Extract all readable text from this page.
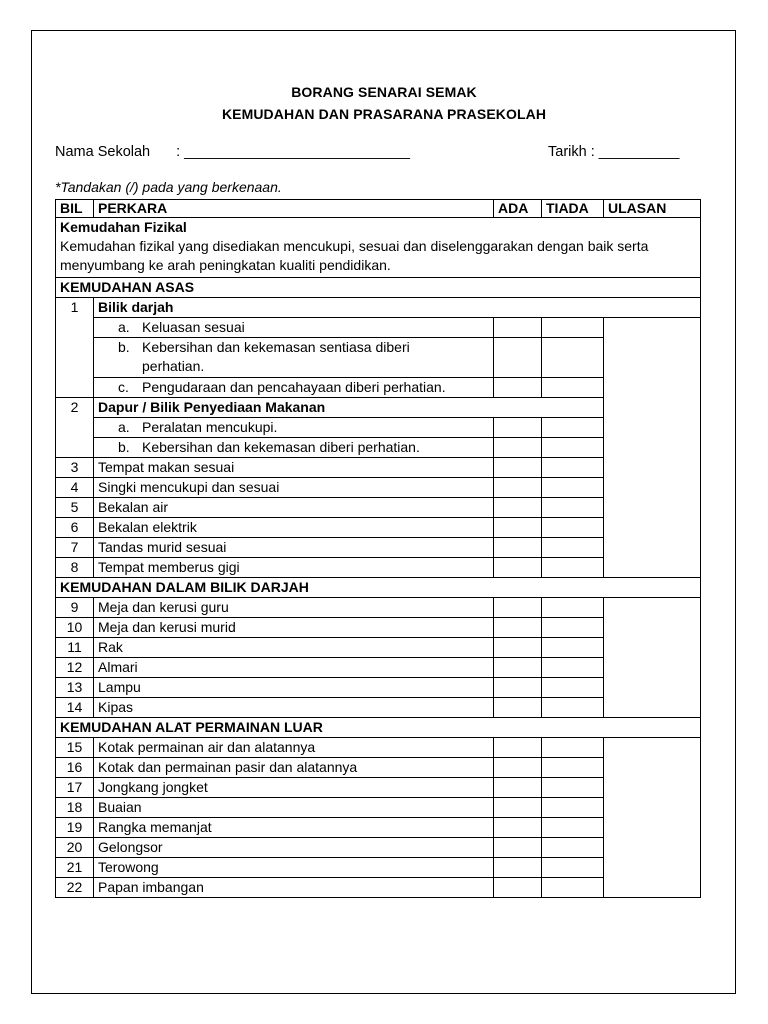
BORANG SENARAI SEMAK
KEMUDAHAN DAN PRASARANA PRASEKOLAH
Nama Sekolah : ____________________________	Tarikh : __________
*Tandakan (/) pada yang berkenaan.
BIL	PERKARA	ADA	TIADA	ULASAN

Kemudahan Fizikal
Kemudahan fizikal yang disediakan mencukupi, sesuai dan diselenggarakan dengan baik serta menyumbang ke arah peningkatan kualiti pendidikan.				

KEMUDAHAN ASAS				
1	Bilik darjah			
	a. Keluasan sesuai			
	b. Kebersihan dan kekemasan sentiasa diberi
perhatian.			

	c. Pengudaraan dan pencahayaan diberi perhatian.			
2	Dapur / Bilik Penyediaan Makanan			
	a. Peralatan mencukupi.			
	b. Kebersihan dan kekemasan diberi perhatian.			
3	Tempat makan sesuai			
4	Singki mencukupi dan sesuai			
5	Bekalan air			
6	Bekalan elektrik			
7	Tandas murid sesuai			
8	Tempat memberus gigi			
KEMUDAHAN DALAM BILIK DARJAH				
9	Meja dan kerusi guru			
10	Meja dan kerusi murid			
11	Rak			
12	Almari			
13	Lampu			
14	Kipas			
KEMUDAHAN ALAT PERMAINAN LUAR				
15	Kotak permainan air dan alatannya			
16	Kotak dan permainan pasir dan alatannya			
17	Jongkang jongket			
18	Buaian			
19	Rangka memanjat			
20	Gelongsor			
21	Terowong			
22	Papan imbangan			
